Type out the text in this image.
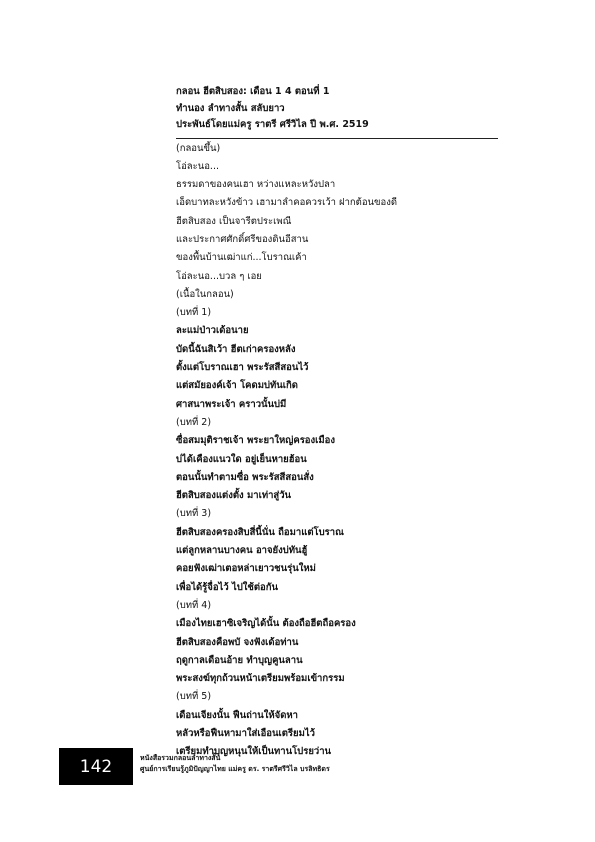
กลอน ฮีตสิบสอง: เดือน 1 4 ตอนที่ 1
ทำนอง ลำทางสั้น สลับยาว
ประพันธ์โดยแม่ครู ราตรี ศรีวิไล ปี พ.ศ. 2519
(กลอนขึ้น)
โอ่ละนอ...
ธรรมดาของคนเฮา หว่างแหละหวังปลา
เอ็ดบาทละหวังข้าว เฮามาลำคอควรเว้า ฝากต้อนของดี
ฮีตสิบสอง เป็นจารีตประเพณี
และประกาศศักดิ์ศรีของดินอีสาน
ของพื้นบ้านเฒ่าแก่...โบราณเค้า
โอ่ละนอ...บวล ๆ เอย
(เนื้อในกลอน)
(บทที่ 1)
ละแม่ป่าวเด้อนาย
บัดนี้ฉันสิเว้า ฮีตเก่าครองหลัง
ตั้งแต่โบราณเฮา พระรัสสีสอนไว้
แต่สมัยองค์เจ้า โคดมบ่ทันเกิด
ศาสนาพระเจ้า คราวนั้นบ่มี
(บทที่ 2)
ซื่อสมมุติราชเจ้า พระยาใหญ่ครองเมือง
บ่ได้เคืองแนวใด อยู่เย็นหายฮ้อน
ตอนนั้นทำตามซื่อ พระรัสสีสอนสั่ง
ฮีตสิบสองแต่งตั้ง มาเท่าสู่วัน
(บทที่ 3)
ฮีตสิบสองครองสิบสี่นี้นั่น ถือมาแต่โบราณ
แต่ลูกหลานบางคน อาจยังบ่ทันฮู้
คอยฟังเฒ่าเตอหล่าเยาวชนรุ่นใหม่
เพื่อได้รู้จื่อไว้ ไปใช้ต่อกัน
(บทที่ 4)
เมืองไทยเฮาซิเจริญได้นั้น ต้องถือฮีตถือครอง
ฮีตสิบสองคือพบั จงฟังเด้อท่าน
ฤดูกาลเดือนอ้าย ทำบุญคูนลาน
พระสงฆ์ทุกถ้วนหน้าเตรียมพร้อมเข้ากรรม
(บทที่ 5)
เดือนเจียงนั้น ฟืนถ่านให้จัดหา
หลัวหรือฟืนหามาใส่เอือนเตรียมไว้
เตรียมทำบุญหนุนให้เป็นทานโปรยว่าน
142	หนังสือรวมกลอนลำทางสั้น
ศูนย์การเรียนรู้ภูมิปัญญาไทย แม่ครู ดร. ราตรีศรีวิไล บรลิทธิดร
